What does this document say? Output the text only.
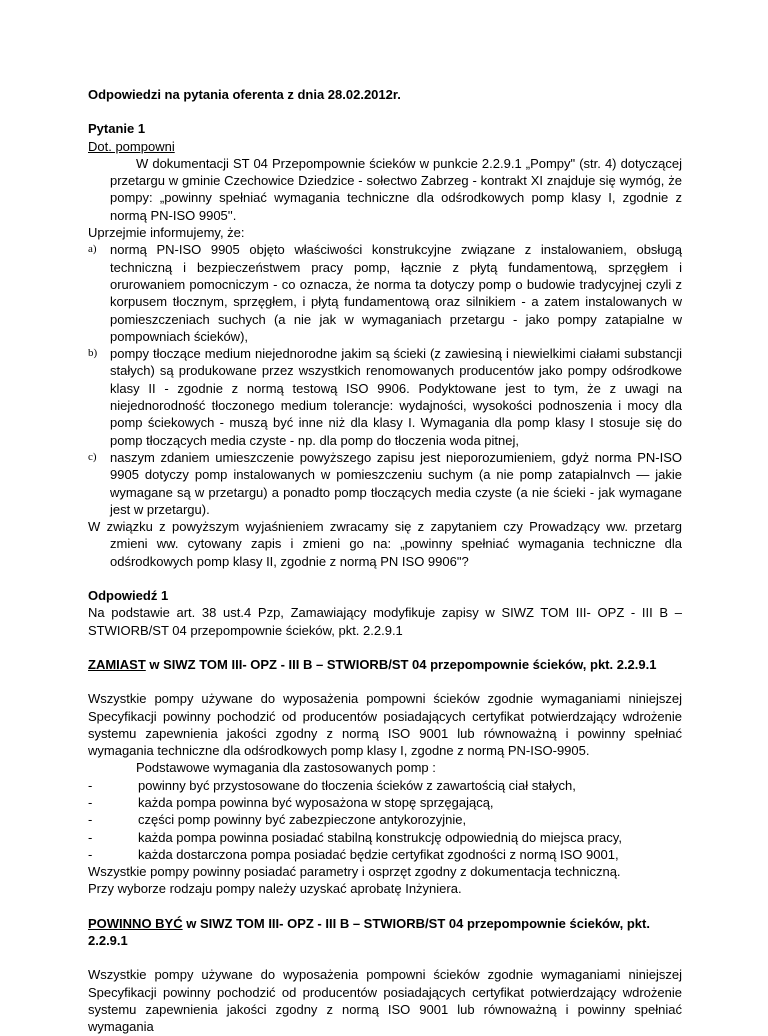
Odpowiedzi na pytania oferenta z dnia 28.02.2012r.

Pytanie 1

Dot. pompowni

W dokumentacji ST 04 Przepompownie ścieków w punkcie 2.2.9.1 „Pompy" (str. 4) dotyczącej przetargu w gminie Czechowice Dziedzice - sołectwo Zabrzeg - kontrakt XI znajduje się wymóg, że pompy: „powinny spełniać wymagania techniczne dla odśrodkowych pomp klasy I, zgodnie z normą PN-ISO 9905''.

Uprzejmie informujemy, że:

a)	normą PN-ISO 9905 objęto właściwości konstrukcyjne związane z instalowaniem, obsługą techniczną i bezpieczeństwem pracy pomp, łącznie z płytą fundamentową, sprzęgłem i orurowaniem pomocniczym - co oznacza, że norma ta dotyczy pomp o budowie tradycyjnej czyli z korpusem tłocznym, sprzęgłem, i płytą fundamentową oraz silnikiem - a zatem instalowanych w pomieszczeniach suchych (a nie jak w wymaganiach przetargu - jako pompy zatapialne w pompowniach ścieków),
b) pompy tłoczące medium niejednorodne jakim są ścieki (z zawiesiną i niewielkimi ciałami substancji stałych) są produkowane przez wszystkich renomowanych producentów jako pompy odśrodkowe klasy II - zgodnie z normą testową ISO 9906. Podyktowane jest to tym, że z uwagi na niejednorodność tłoczonego medium tolerancje: wydajności, wysokości podnoszenia i mocy dla pomp ściekowych - muszą być inne niż dla klasy I. Wymagania dla pomp klasy I stosuje się do pomp tłoczących media czyste - np. dla pomp do tłoczenia woda pitnej,
c)	naszym zdaniem umieszczenie powyższego zapisu jest nieporozumieniem, gdyż norma PN-ISO 9905 dotyczy pomp instalowanych w pomieszczeniu suchym (a nie pomp zatapialnvch — jakie wymagane są w przetargu) a ponadto pomp tłoczących media czyste (a nie ścieki - jak wymagane jest w przetargu).

W związku z powyższym wyjaśnieniem zwracamy się z zapytaniem czy Prowadzący ww. przetarg zmieni ww. cytowany zapis i zmieni go na: „powinny spełniać wymagania techniczne dla odśrodkowych pomp klasy II, zgodnie z normą PN ISO 9906"?

Odpowiedź 1

Na podstawie art. 38 ust.4 Pzp, Zamawiający modyfikuje zapisy w SIWZ TOM III- OPZ - III B – STWIORB/ST 04 przepompownie ścieków, pkt. 2.2.9.1

ZAMIAST w SIWZ TOM III- OPZ - III B – STWIORB/ST 04 przepompownie ścieków, pkt. 2.2.9.1

Wszystkie pompy używane do wyposażenia pompowni ścieków zgodnie wymaganiami niniejszej Specyfikacji powinny pochodzić od producentów posiadających certyfikat potwierdzający wdrożenie systemu zapewnienia jakości zgodny z normą ISO 9001 lub równoważną i powinny spełniać wymagania techniczne dla odśrodkowych pomp klasy I, zgodne z normą PN-ISO-9905.

Podstawowe wymagania dla zastosowanych pomp :

-	powinny być przystosowane do tłoczenia ścieków z zawartością ciał stałych,
-	każda pompa powinna być wyposażona w stopę sprzęgającą,
-	części pomp powinny być zabezpieczone antykorozyjnie,
-	każda pompa powinna posiadać stabilną konstrukcję odpowiednią do miejsca pracy,
-	każda dostarczona pompa posiadać będzie certyfikat zgodności z normą ISO 9001,

Wszystkie pompy powinny posiadać parametry i osprzęt zgodny z dokumentacja techniczną.

Przy wyborze rodzaju pompy należy uzyskać aprobatę Inżyniera.

POWINNO BYĆ w SIWZ TOM III- OPZ - III B – STWIORB/ST 04 przepompownie ścieków, pkt. 2.2.9.1

Wszystkie pompy używane do wyposażenia pompowni ścieków zgodnie wymaganiami niniejszej Specyfikacji powinny pochodzić od producentów posiadających certyfikat potwierdzający wdrożenie systemu zapewnienia jakości zgodny z normą ISO 9001 lub równoważną i powinny spełniać wymagania
